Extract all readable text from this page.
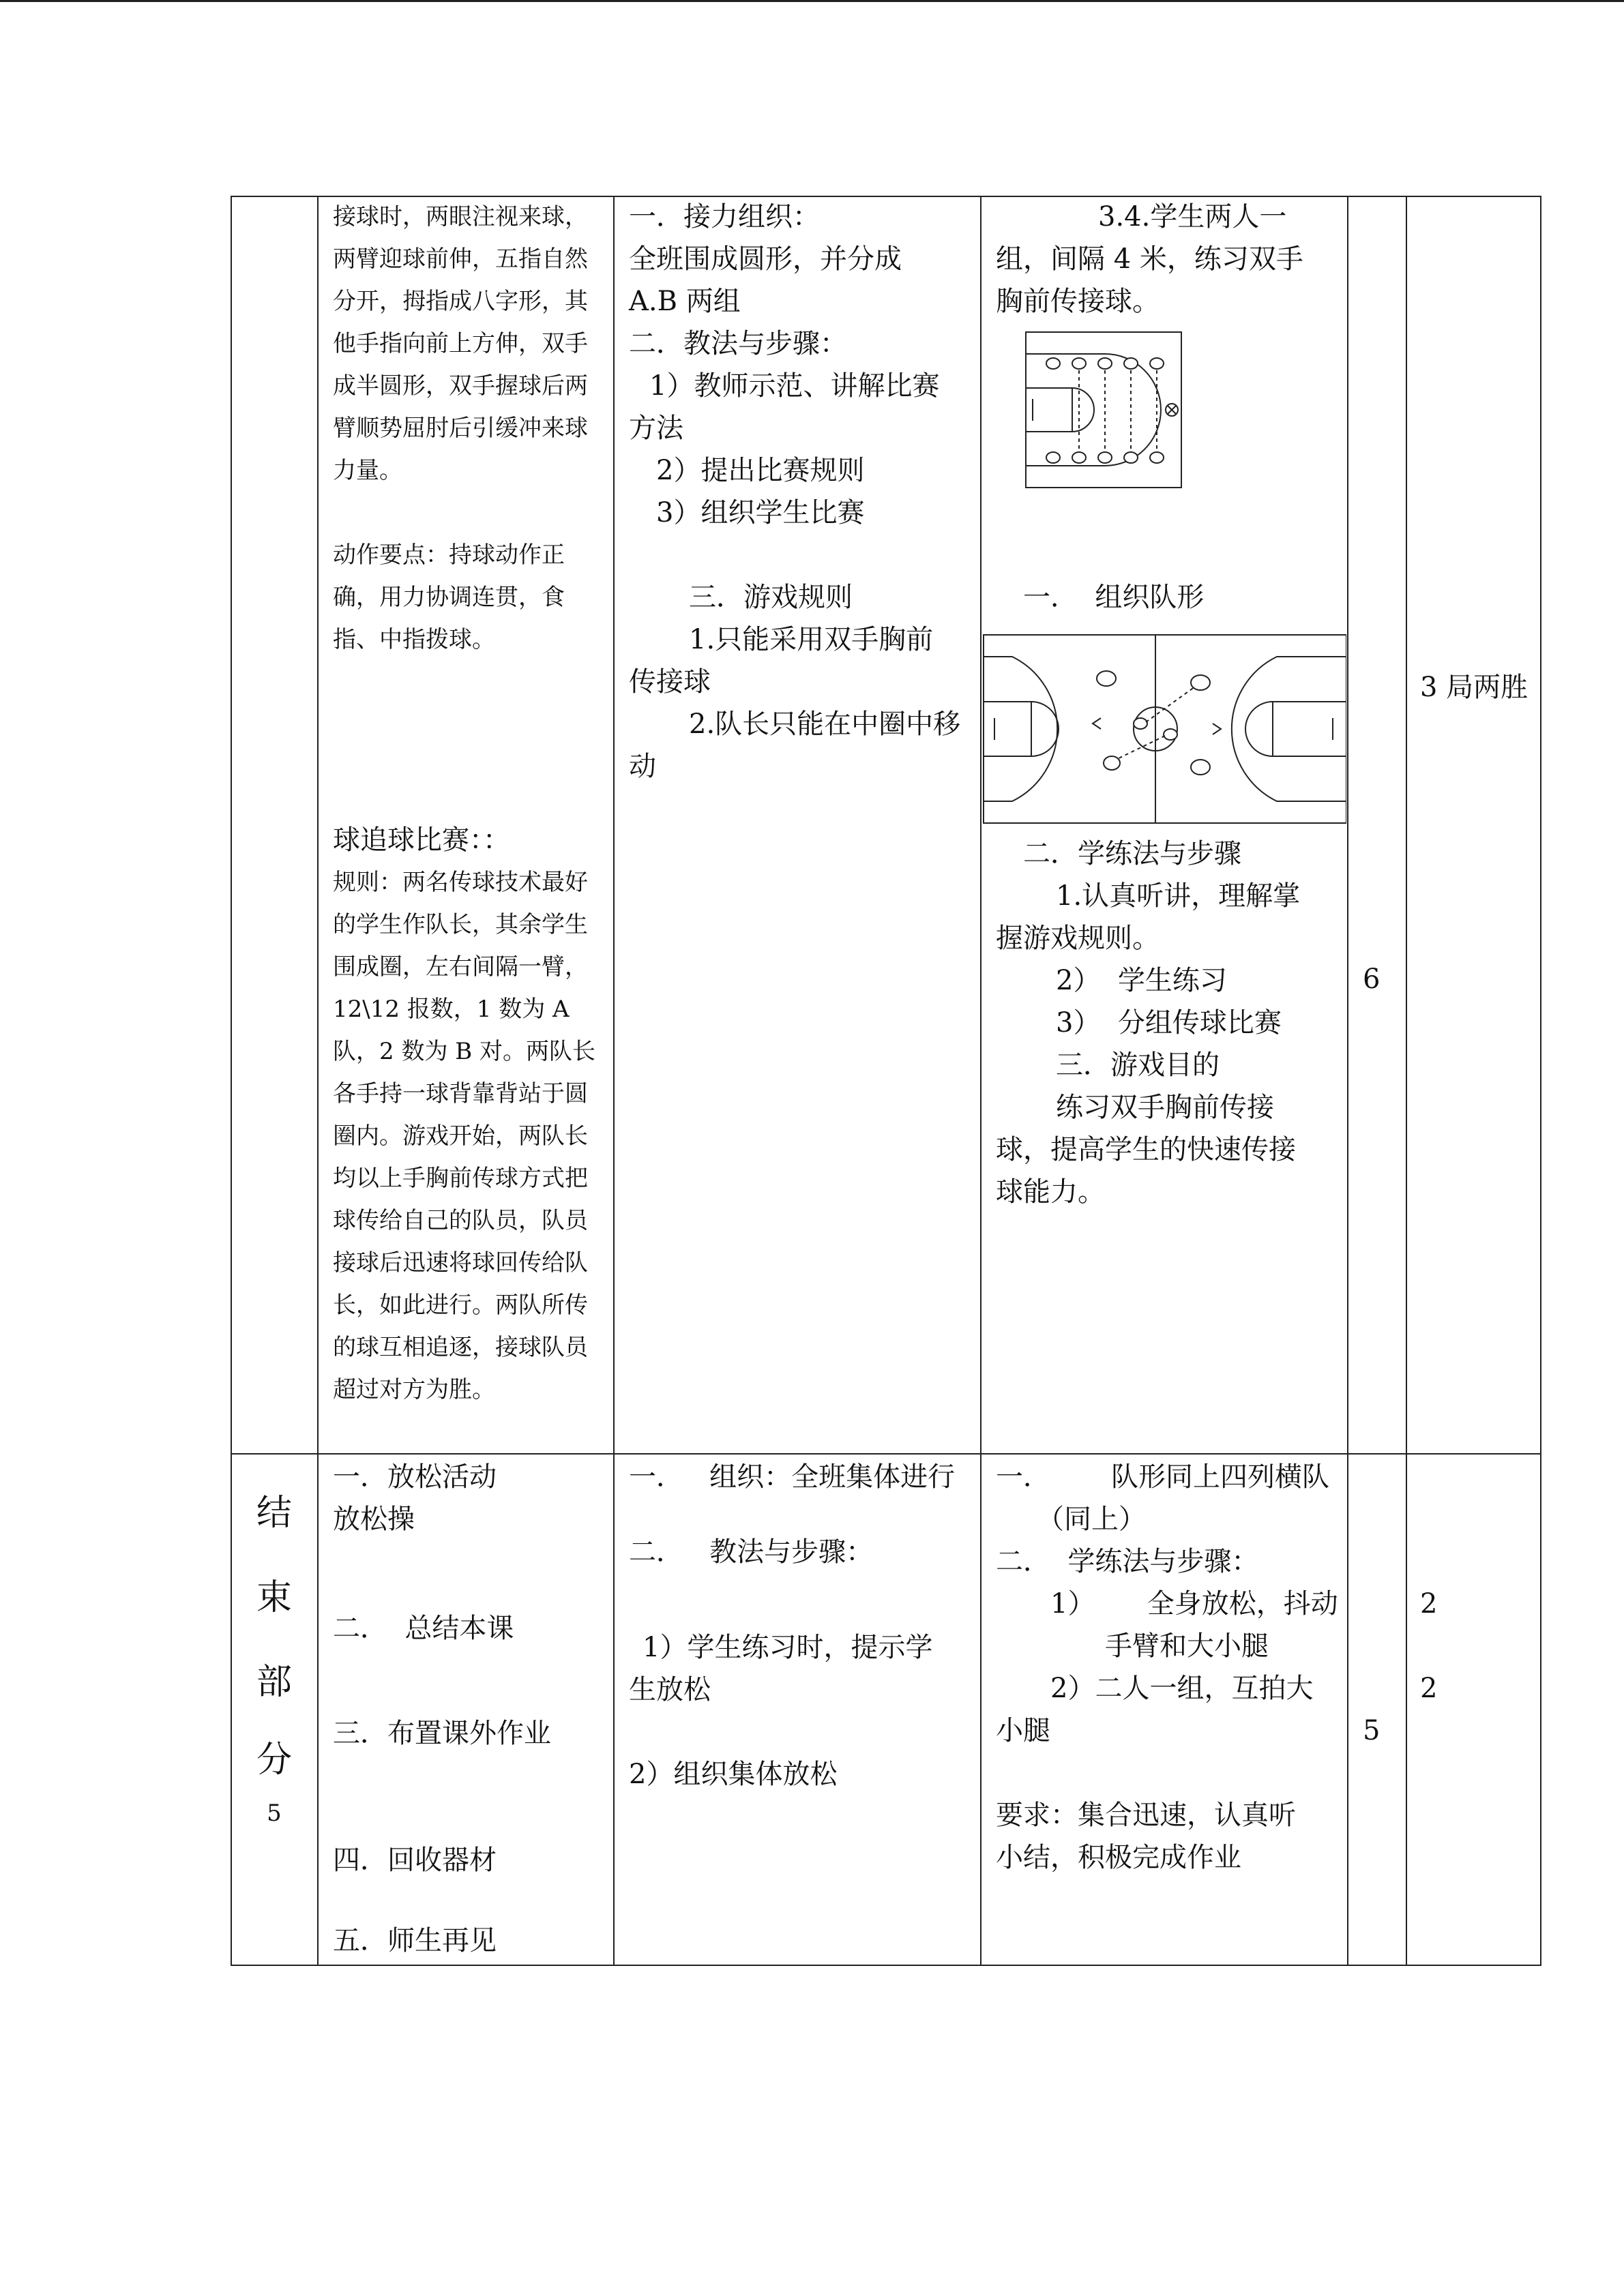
接球时，两眼注视来球，两臂迎球前伸，五指自然分开，拇指成八字形，其他手指向前上方伸，双手成半圆形，双手握球后两臂顺势屈肘后引缓冲来球力量。
动作要点：持球动作正确，用力协调连贯，食指、中指拨球。
球追球比赛：：
规则：两名传球技术最好的学生作队长，其余学生围成圈，左右间隔一臂，12\12 报数，1 数为 A 队，2 数为 B 对。两队长各手持一球背靠背站于圆圈内。游戏开始，两队长均以上手胸前传球方式把球传给自己的队员，队员接球后迅速将球回传给队长，如此进行。两队所传的球互相追逐，接球队员超过对方为胜。
一．接力组织：
全班围成圆形，并分成
A.B 两组
二．教法与步骤：
1）教师示范、讲解比赛
方法
2）提出比赛规则
3）组织学生比赛
三．游戏规则
1.只能采用双手胸前
传接球
2.队长只能在中圈中移
动
3.4.学生两人一
组，间隔 4 米，练习双手
胸前传接球。
一．  组织队形
二．学练法与步骤
1.认真听讲，理解掌
握游戏规则。
2）  学生练习
3）  分组传球比赛
三．游戏目的
练习双手胸前传接
球，提高学生的快速传接
球能力。
6
3 局两胜
结
束
部
分
5
一．放松活动
放松操
二．  总结本课
三．布置课外作业
四．回收器材
五．师生再见
一．   组织：全班集体进行
二．   教法与步骤：
1）学生练习时，提示学
生放松
2）组织集体放松
一．       队形同上四列横队
（同上）
二．  学练法与步骤：
1）      全身放松，抖动
手臂和大小腿
2）二人一组，互拍大
小腿
要求：集合迅速，认真听
小结，积极完成作业
5
2
2
